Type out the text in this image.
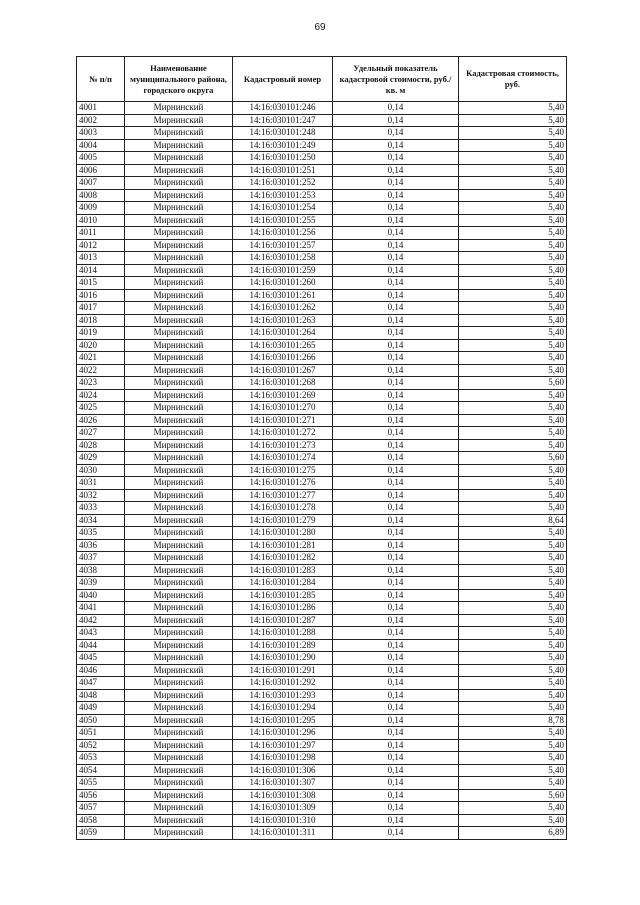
69
№ п/п	Наименование муниципального района, городского округа	Кадастровый номер	Удельный показатель кадастровой стоимости, руб./кв. м	Кадастровая стоимость, руб.
4001	Мирнинский	14:16:030101:246	0,14	5,40
4002	Мирнинский	14:16:030101:247	0,14	5,40
4003	Мирнинский	14:16:030101:248	0,14	5,40
4004	Мирнинский	14:16:030101:249	0,14	5,40
4005	Мирнинский	14:16:030101:250	0,14	5,40
4006	Мирнинский	14:16:030101:251	0,14	5,40
4007	Мирнинский	14:16:030101:252	0,14	5,40
4008	Мирнинский	14:16:030101:253	0,14	5,40
4009	Мирнинский	14:16:030101:254	0,14	5,40
4010	Мирнинский	14:16:030101:255	0,14	5,40
4011	Мирнинский	14:16:030101:256	0,14	5,40
4012	Мирнинский	14:16:030101:257	0,14	5,40
4013	Мирнинский	14:16:030101:258	0,14	5,40
4014	Мирнинский	14:16:030101:259	0,14	5,40
4015	Мирнинский	14:16:030101:260	0,14	5,40
4016	Мирнинский	14:16:030101:261	0,14	5,40
4017	Мирнинский	14:16:030101:262	0,14	5,40
4018	Мирнинский	14:16:030101:263	0,14	5,40
4019	Мирнинский	14:16:030101:264	0,14	5,40
4020	Мирнинский	14:16:030101:265	0,14	5,40
4021	Мирнинский	14:16:030101:266	0,14	5,40
4022	Мирнинский	14:16:030101:267	0,14	5,40
4023	Мирнинский	14:16:030101:268	0,14	5,60
4024	Мирнинский	14:16:030101:269	0,14	5,40
4025	Мирнинский	14:16:030101:270	0,14	5,40
4026	Мирнинский	14:16:030101:271	0,14	5,40
4027	Мирнинский	14:16:030101:272	0,14	5,40
4028	Мирнинский	14:16:030101:273	0,14	5,40
4029	Мирнинский	14:16:030101:274	0,14	5,60
4030	Мирнинский	14:16:030101:275	0,14	5,40
4031	Мирнинский	14:16:030101:276	0,14	5,40
4032	Мирнинский	14:16:030101:277	0,14	5,40
4033	Мирнинский	14:16:030101:278	0,14	5,40
4034	Мирнинский	14:16:030101:279	0,14	8,64
4035	Мирнинский	14:16:030101:280	0,14	5,40
4036	Мирнинский	14:16:030101:281	0,14	5,40
4037	Мирнинский	14:16:030101:282	0,14	5,40
4038	Мирнинский	14:16:030101:283	0,14	5,40
4039	Мирнинский	14:16:030101:284	0,14	5,40
4040	Мирнинский	14:16:030101:285	0,14	5,40
4041	Мирнинский	14:16:030101:286	0,14	5,40
4042	Мирнинский	14:16:030101:287	0,14	5,40
4043	Мирнинский	14:16:030101:288	0,14	5,40
4044	Мирнинский	14:16:030101:289	0,14	5,40
4045	Мирнинский	14:16:030101:290	0,14	5,40
4046	Мирнинский	14:16:030101:291	0,14	5,40
4047	Мирнинский	14:16:030101:292	0,14	5,40
4048	Мирнинский	14:16:030101:293	0,14	5,40
4049	Мирнинский	14:16:030101:294	0,14	5,40
4050	Мирнинский	14:16:030101:295	0,14	8,78
4051	Мирнинский	14:16:030101:296	0,14	5,40
4052	Мирнинский	14:16:030101:297	0,14	5,40
4053	Мирнинский	14:16:030101:298	0,14	5,40
4054	Мирнинский	14:16:030101:306	0,14	5,40
4055	Мирнинский	14:16:030101:307	0,14	5,40
4056	Мирнинский	14:16:030101:308	0,14	5,60
4057	Мирнинский	14:16:030101:309	0,14	5,40
4058	Мирнинский	14:16:030101:310	0,14	5,40
4059	Мирнинский	14:16:030101:311	0,14	6,89
